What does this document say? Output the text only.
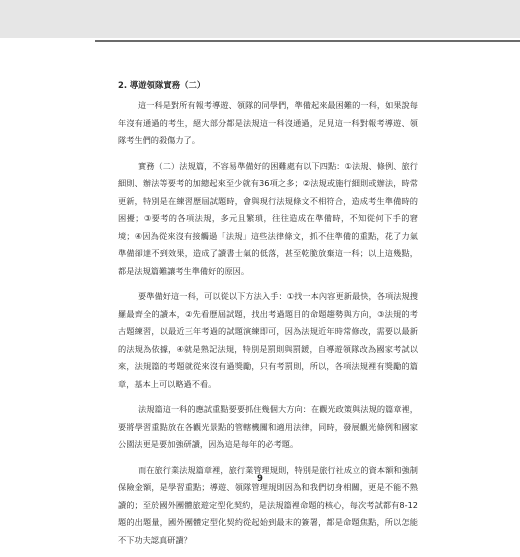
2. 導遊領隊實務（二）

這一科是對所有報考導遊、領隊的同學們，準備起來最困難的一科，如果說每年沒有通過的考生，絕大部分都是法規這一科沒通過，足見這一科對報考導遊、領隊考生們的殺傷力了。

實務（二）法規篇，不容易準備好的困難處有以下四點：①法規、條例、旅行細則、辦法等要考的加總起來至少就有36項之多；②法規或施行細則或辦法，時常更新，特別是在練習歷屆試題時，會與現行法規條文不相符合，造成考生準備時的困擾；③要考的各項法規，多元且繁瑣，往往造成在準備時，不知從何下手的窘境；④因為從來沒有接觸過「法規」這些法律條文，抓不住準備的重點，花了力氣準備卻達不到效果，造成了讀書士氣的低落，甚至乾脆放棄這一科；以上這幾點，都是法規篇難讓考生準備好的原因。

要準備好這一科，可以從以下方法入手：①找一本內容更新最快，各項法規搜羅最齊全的讀本，②先看歷屆試題，找出考過題目的命題趨勢與方向，③法規的考古題練習，以最近三年考過的試題演練即可，因為法規近年時常修改，需要以最新的法規為依據，④就是熟記法規，特別是罰則與罰鍰，自導遊領隊改為國家考試以來，法規篇的考題就從來沒有過獎勵，只有考罰則，所以，各項法規裡有獎勵的篇章，基本上可以略過不看。

法規篇這一科的應試重點要要抓住幾個大方向：在觀光政策與法規的篇章裡，要將學習重點放在各觀光景點的管轄機關和適用法律，同時，發展觀光條例和國家公園法更是要加強研讀，因為這是每年的必考題。

而在旅行業法規篇章裡，旅行業管理規則，特別是旅行社成立的資本額和強制保險金額，是學習重點；導遊、領隊管理規則因為和我們切身相關，更是不能不熟讀的；至於國外團體旅遊定型化契約，是法規篇裡命題的核心，每次考試都有8-12題的出題量，國外團體定型化契約從起始到最末的簽署，都是命題焦點，所以怎能不下功夫認真研讀？

9
